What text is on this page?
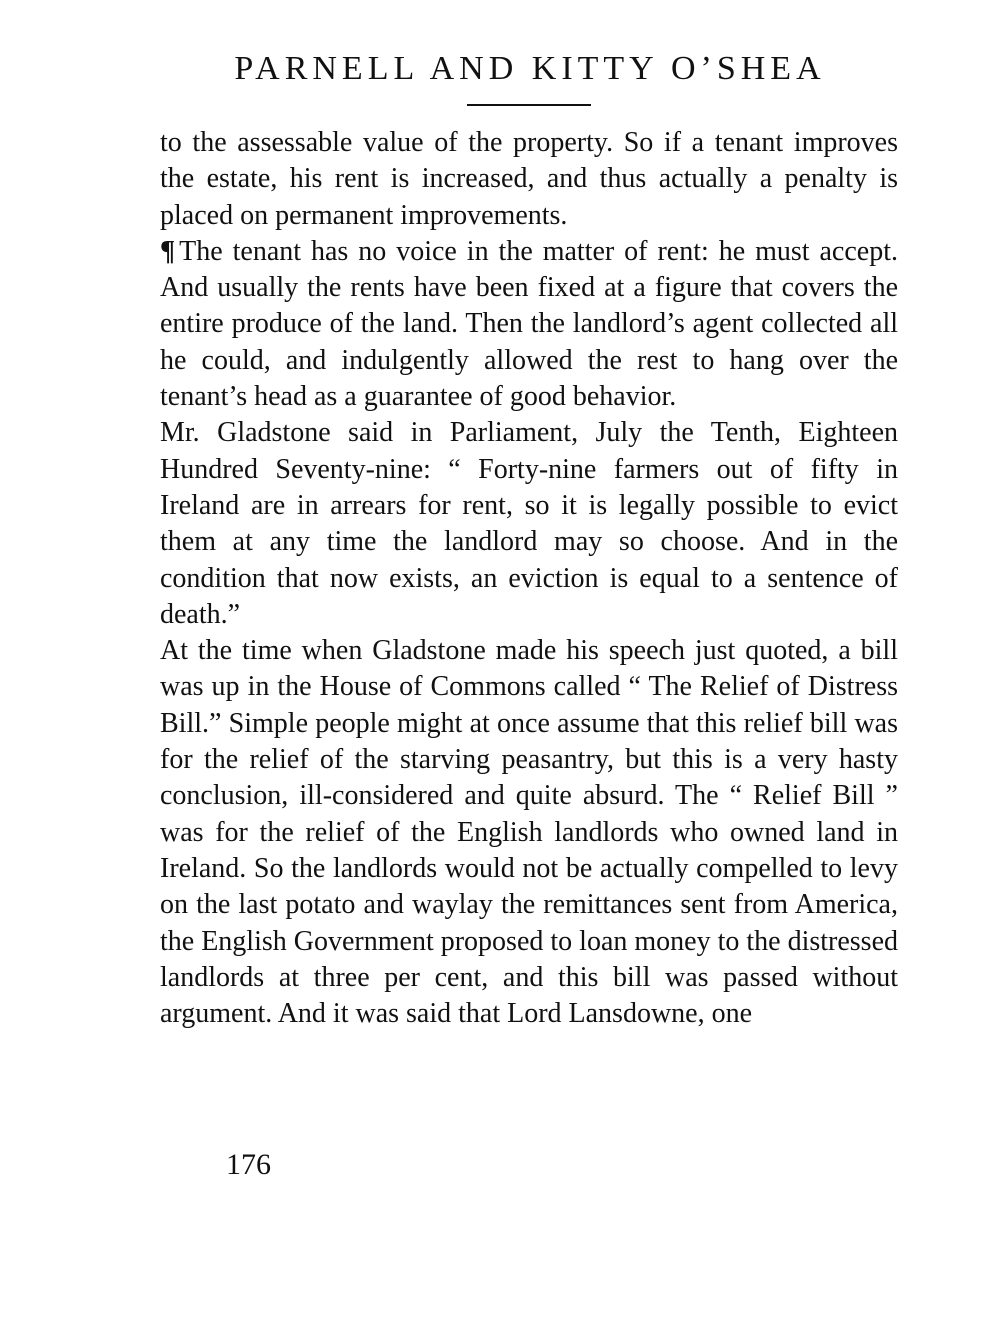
PARNELL AND KITTY O’SHEA

to the assessable value of the property. So if a tenant improves the estate, his rent is increased, and thus actually a penalty is placed on permanent improvements.

¶ The tenant has no voice in the matter of rent: he must accept. And usually the rents have been fixed at a figure that covers the entire produce of the land. Then the landlord’s agent collected all he could, and indulgently allowed the rest to hang over the tenant’s head as a guarantee of good behavior.

Mr. Gladstone said in Parliament, July the Tenth, Eighteen Hundred Seventy-nine: “ Forty-nine farmers out of fifty in Ireland are in arrears for rent, so it is legally possible to evict them at any time the landlord may so choose. And in the condition that now exists, an eviction is equal to a sentence of death.”

At the time when Gladstone made his speech just quoted, a bill was up in the House of Commons called “ The Relief of Distress Bill.” Simple people might at once assume that this relief bill was for the relief of the starving peasantry, but this is a very hasty conclusion, ill-considered and quite absurd. The “ Relief Bill ” was for the relief of the English landlords who owned land in Ireland. So the landlords would not be actually compelled to levy on the last potato and waylay the remittances sent from America, the English Government proposed to loan money to the distressed landlords at three per cent, and this bill was passed without argument. And it was said that Lord Lansdowne, one

176
